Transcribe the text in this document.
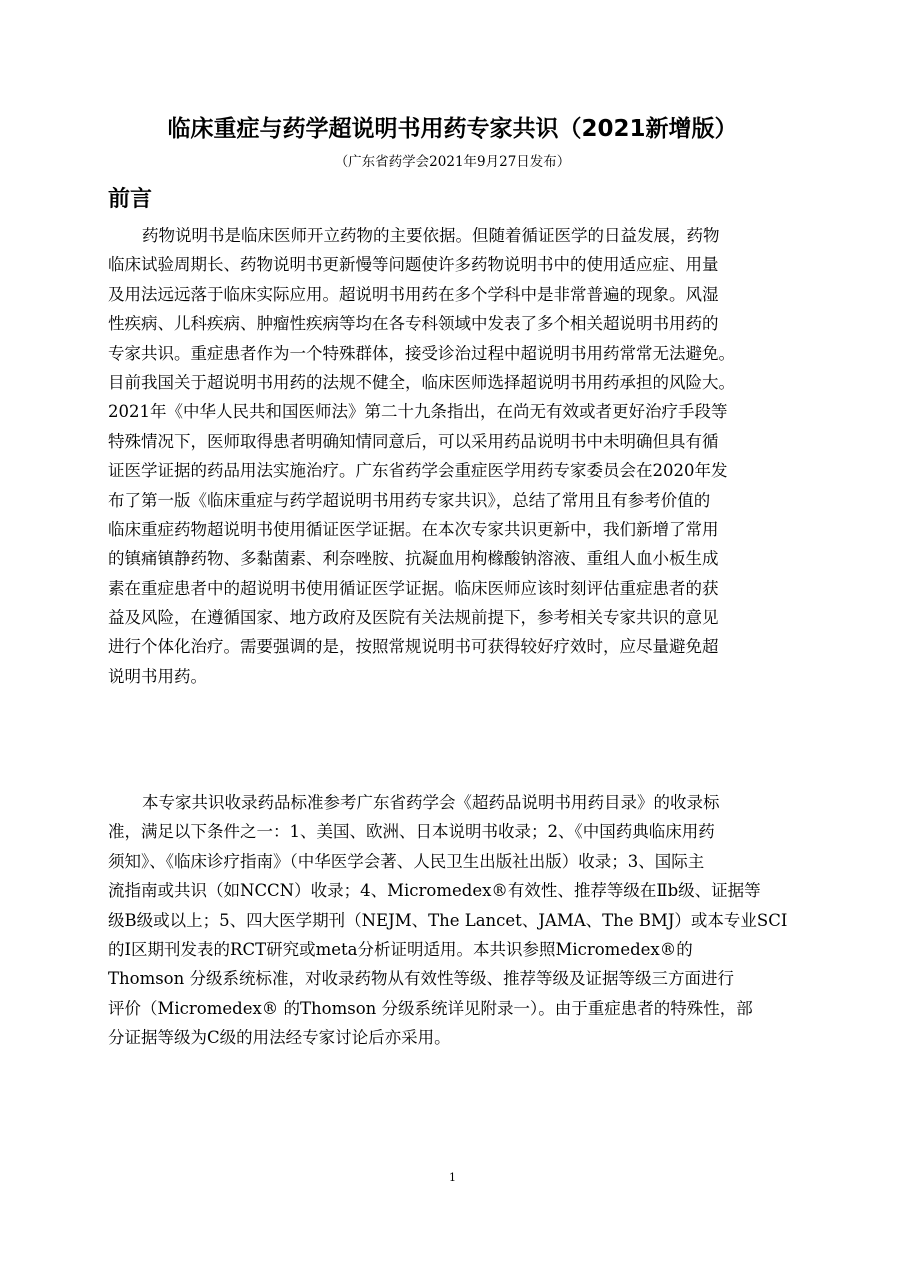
临床重症与药学超说明书用药专家共识（2021新增版）
（广东省药学会2021年9月27日发布）
前言
药物说明书是临床医师开立药物的主要依据。但随着循证医学的日益发展，药物
临床试验周期长、药物说明书更新慢等问题使许多药物说明书中的使用适应症、用量
及用法远远落于临床实际应用。超说明书用药在多个学科中是非常普遍的现象。风湿
性疾病、儿科疾病、肿瘤性疾病等均在各专科领域中发表了多个相关超说明书用药的
专家共识。重症患者作为一个特殊群体，接受诊治过程中超说明书用药常常无法避免。
目前我国关于超说明书用药的法规不健全，临床医师选择超说明书用药承担的风险大。
2021年《中华人民共和国医师法》第二十九条指出，在尚无有效或者更好治疗手段等
特殊情况下，医师取得患者明确知情同意后，可以采用药品说明书中未明确但具有循
证医学证据的药品用法实施治疗。广东省药学会重症医学用药专家委员会在2020年发
布了第一版《临床重症与药学超说明书用药专家共识》，总结了常用且有参考价值的
临床重症药物超说明书使用循证医学证据。在本次专家共识更新中，我们新增了常用
的镇痛镇静药物、多黏菌素、利奈唑胺、抗凝血用枸橼酸钠溶液、重组人血小板生成
素在重症患者中的超说明书使用循证医学证据。临床医师应该时刻评估重症患者的获
益及风险，在遵循国家、地方政府及医院有关法规前提下，参考相关专家共识的意见
进行个体化治疗。需要强调的是，按照常规说明书可获得较好疗效时，应尽量避免超
说明书用药。
本专家共识收录药品标准参考广东省药学会《超药品说明书用药目录》的收录标
准，满足以下条件之一：1、美国、欧洲、日本说明书收录；2、《中国药典临床用药
须知》、《临床诊疗指南》（中华医学会著、人民卫生出版社出版）收录；3、国际主
流指南或共识（如NCCN）收录；4、Micromedex®有效性、推荐等级在Ⅱb级、证据等
级B级或以上；5、四大医学期刊（NEJM、The Lancet、JAMA、The BMJ）或本专业SCI
的Ⅰ区期刊发表的RCT研究或meta分析证明适用。本共识参照Micromedex®的
Thomson 分级系统标准，对收录药物从有效性等级、推荐等级及证据等级三方面进行
评价（Micromedex® 的Thomson 分级系统详见附录一）。由于重症患者的特殊性，部
分证据等级为C级的用法经专家讨论后亦采用。
1
